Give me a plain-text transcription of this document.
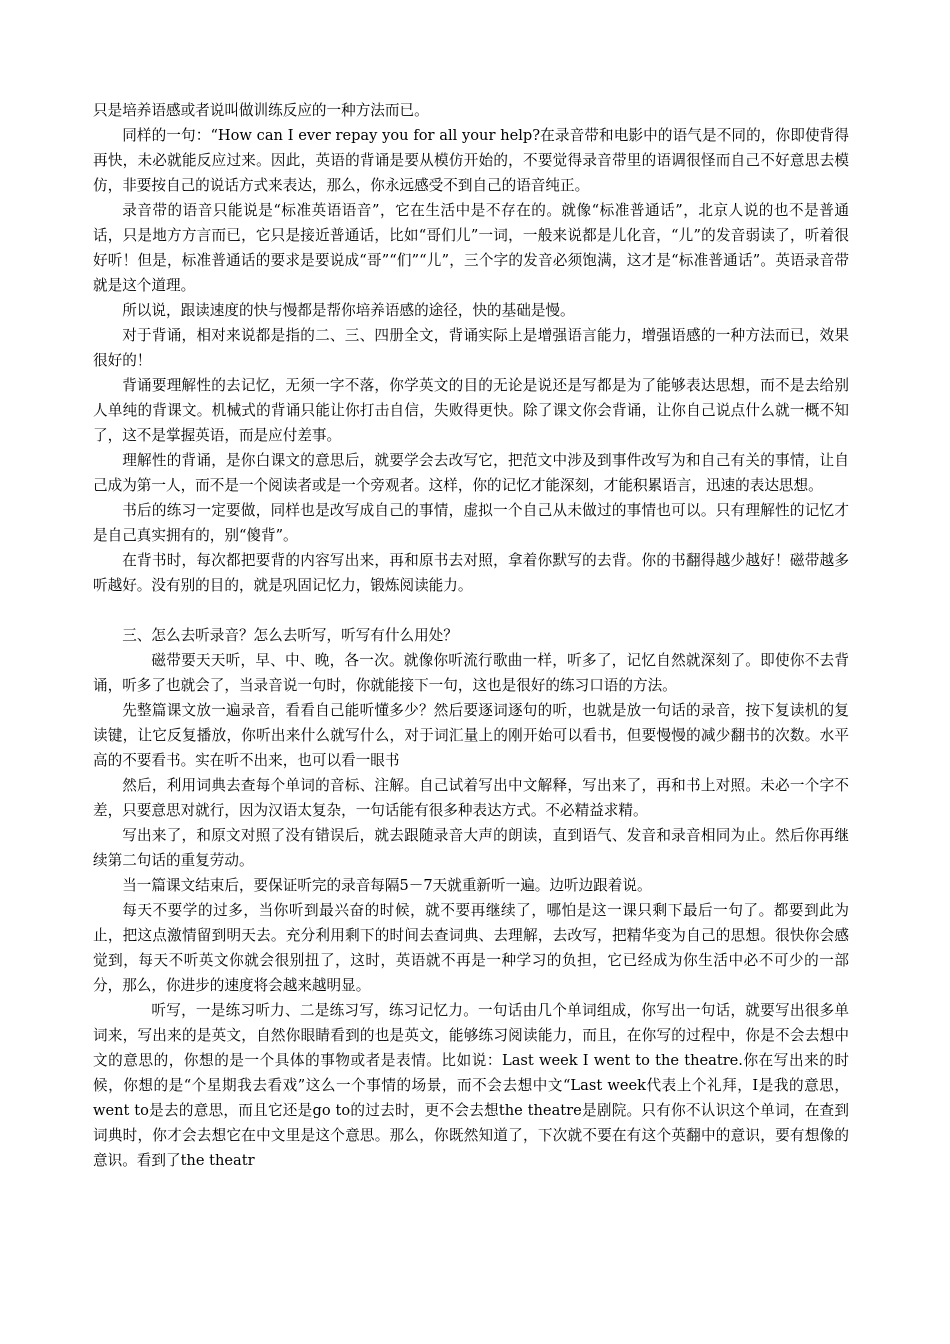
只是培养语感或者说叫做训练反应的一种方法而已。

同样的一句：“How can I ever repay you for all your help?在录音带和电影中的语气是不同的，你即使背得再快，未必就能反应过来。因此，英语的背诵是要从模仿开始的，不要觉得录音带里的语调很怪而自己不好意思去模仿，非要按自己的说话方式来表达，那么，你永远感受不到自己的语音纯正。

录音带的语音只能说是“标准英语语音”，它在生活中是不存在的。就像“标准普通话”，北京人说的也不是普通话，只是地方方言而已，它只是接近普通话，比如“哥们儿”一词，一般来说都是儿化音，“儿”的发音弱读了，听着很好听！但是，标准普通话的要求是要说成“哥”“们”“儿”，三个字的发音必须饱满，这才是“标准普通话”。英语录音带就是这个道理。

所以说，跟读速度的快与慢都是帮你培养语感的途径，快的基础是慢。

对于背诵，相对来说都是指的二、三、四册全文，背诵实际上是增强语言能力，增强语感的一种方法而已，效果很好的！

背诵要理解性的去记忆，无须一字不落，你学英文的目的无论是说还是写都是为了能够表达思想，而不是去给别人单纯的背课文。机械式的背诵只能让你打击自信，失败得更快。除了课文你会背诵，让你自己说点什么就一概不知了，这不是掌握英语，而是应付差事。

理解性的背诵，是你白课文的意思后，就要学会去改写它，把范文中涉及到事件改写为和自己有关的事情，让自己成为第一人，而不是一个阅读者或是一个旁观者。这样，你的记忆才能深刻，才能积累语言，迅速的表达思想。

书后的练习一定要做，同样也是改写成自己的事情，虚拟一个自己从未做过的事情也可以。只有理解性的记忆才是自己真实拥有的，别“傻背”。

在背书时，每次都把要背的内容写出来，再和原书去对照，拿着你默写的去背。你的书翻得越少越好！磁带越多听越好。没有别的目的，就是巩固记忆力，锻炼阅读能力。

三、怎么去听录音？怎么去听写，听写有什么用处？

磁带要天天听，早、中、晚，各一次。就像你听流行歌曲一样，听多了，记忆自然就深刻了。即使你不去背诵，听多了也就会了，当录音说一句时，你就能接下一句，这也是很好的练习口语的方法。

先整篇课文放一遍录音，看看自己能听懂多少？然后要逐词逐句的听，也就是放一句话的录音，按下复读机的复读键，让它反复播放，你听出来什么就写什么，对于词汇量上的刚开始可以看书，但要慢慢的减少翻书的次数。水平高的不要看书。实在听不出来，也可以看一眼书

然后，利用词典去查每个单词的音标、注解。自己试着写出中文解释，写出来了，再和书上对照。未必一个字不差，只要意思对就行，因为汉语太复杂，一句话能有很多种表达方式。不必精益求精。

写出来了，和原文对照了没有错误后，就去跟随录音大声的朗读，直到语气、发音和录音相同为止。然后你再继续第二句话的重复劳动。

当一篇课文结束后，要保证听完的录音每隔5－7天就重新听一遍。边听边跟着说。

每天不要学的过多，当你听到最兴奋的时候，就不要再继续了，哪怕是这一课只剩下最后一句了。都要到此为止，把这点激情留到明天去。充分利用剩下的时间去查词典、去理解，去改写，把精华变为自己的思想。很快你会感觉到，每天不听英文你就会很别扭了，这时，英语就不再是一种学习的负担，它已经成为你生活中必不可少的一部分，那么，你进步的速度将会越来越明显。

听写，一是练习听力、二是练习写，练习记忆力。一句话由几个单词组成，你写出一句话，就要写出很多单词来，写出来的是英文，自然你眼睛看到的也是英文，能够练习阅读能力，而且，在你写的过程中，你是不会去想中文的意思的，你想的是一个具体的事物或者是表情。比如说：Last week I went to the theatre.你在写出来的时候，你想的是“个星期我去看戏”这么一个事情的场景，而不会去想中文“Last week代表上个礼拜，I是我的意思，went to是去的意思，而且它还是go to的过去时，更不会去想the theatre是剧院。只有你不认识这个单词，在查到词典时，你才会去想它在中文里是这个意思。那么，你既然知道了，下次就不要在有这个英翻中的意识，要有想像的意识。看到了the theatr
